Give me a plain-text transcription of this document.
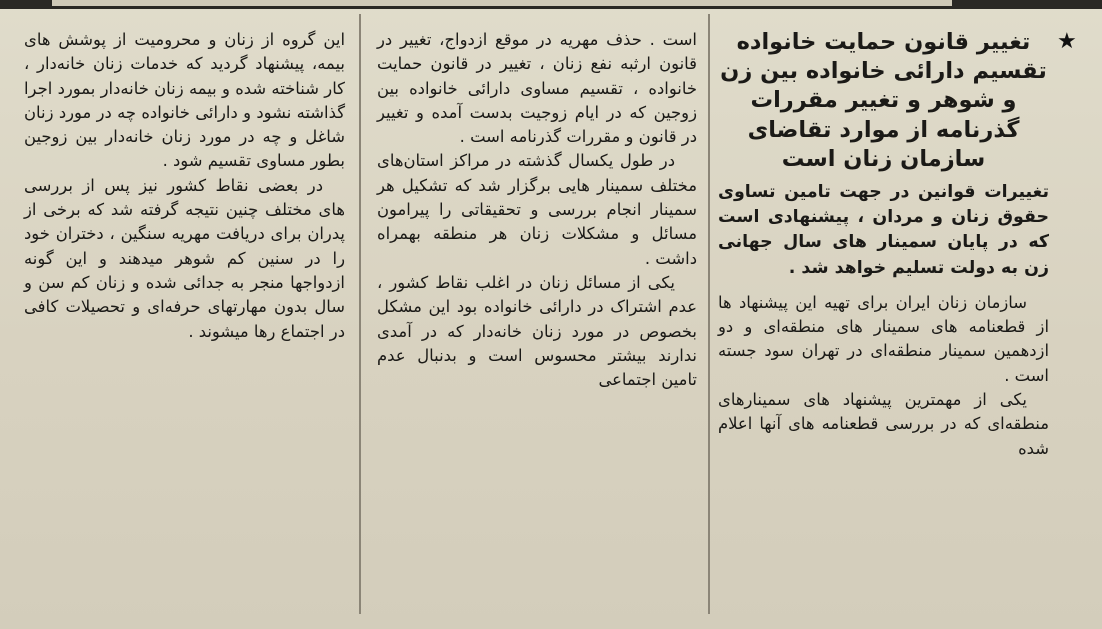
★
تغییر قانون حمایت خانواده تقسیم دارائی خانواده بین زن و شوهر و تغییر مقررات گذرنامه از موارد تقاضای سازمان زنان است

تغییرات قوانین در جهت تامین تساوی حقوق زنان و مردان ، پیشنهادی است که در پایان سمینار های سال جهانی زن به دولت تسلیم خواهد شد .

سازمان زنان ایران برای تهیه این پیشنهاد ها از قطعنامه های سمینار های منطقه‌ای و دو ازدهمین سمینار منطقه‌ای در تهران سود جسته است .

یکی از مهمترین پیشنهاد های سمینارهای منطقه‌ای که در بررسی قطعنامه های آنها اعلام شده

است . حذف مهریه در موقع ازدواج، تغییر در قانون ارثبه نفع زنان ، تغییر در قانون حمایت خانواده ، تقسیم مساوی دارائی خانواده بین زوجین که در ایام زوجیت بدست آمده و تغییر در قانون و مقررات گذرنامه است .

در طول یکسال گذشته در مراکز استان‌های مختلف سمینار هایی برگزار شد که تشکیل هر سمینار انجام بررسی و تحقیقاتی را پیرامون مسائل و مشکلات زنان هر منطقه بهمراه داشت .

یکی از مسائل زنان در اغلب نقاط کشور ، عدم اشتراک در دارائی خانواده بود این مشکل بخصوص در مورد زنان خانه‌دار که در آمدی ندارند بیشتر محسوس است و بدنبال عدم تامین اجتماعی

این گروه از زنان و محرومیت از پوشش های بیمه، پیشنهاد گردید که خدمات زنان خانه‌دار ، کار شناخته شده و بیمه زنان خانه‌دار بمورد اجرا گذاشته نشود و دارائی خانواده چه در مورد زنان شاغل و چه در مورد زنان خانه‌دار بین زوجین بطور مساوی تقسیم شود .

در بعضی نقاط کشور نیز پس از بررسی های مختلف چنین نتیجه گرفته شد که برخی از پدران برای دریافت مهریه سنگین ، دختران خود را در سنین کم شوهر میدهند و این گونه ازدواجها منجر به جدائی شده و زنان کم سن و سال بدون مهارتهای حرفه‌ای و تحصیلات کافی در اجتماع رها میشوند .
